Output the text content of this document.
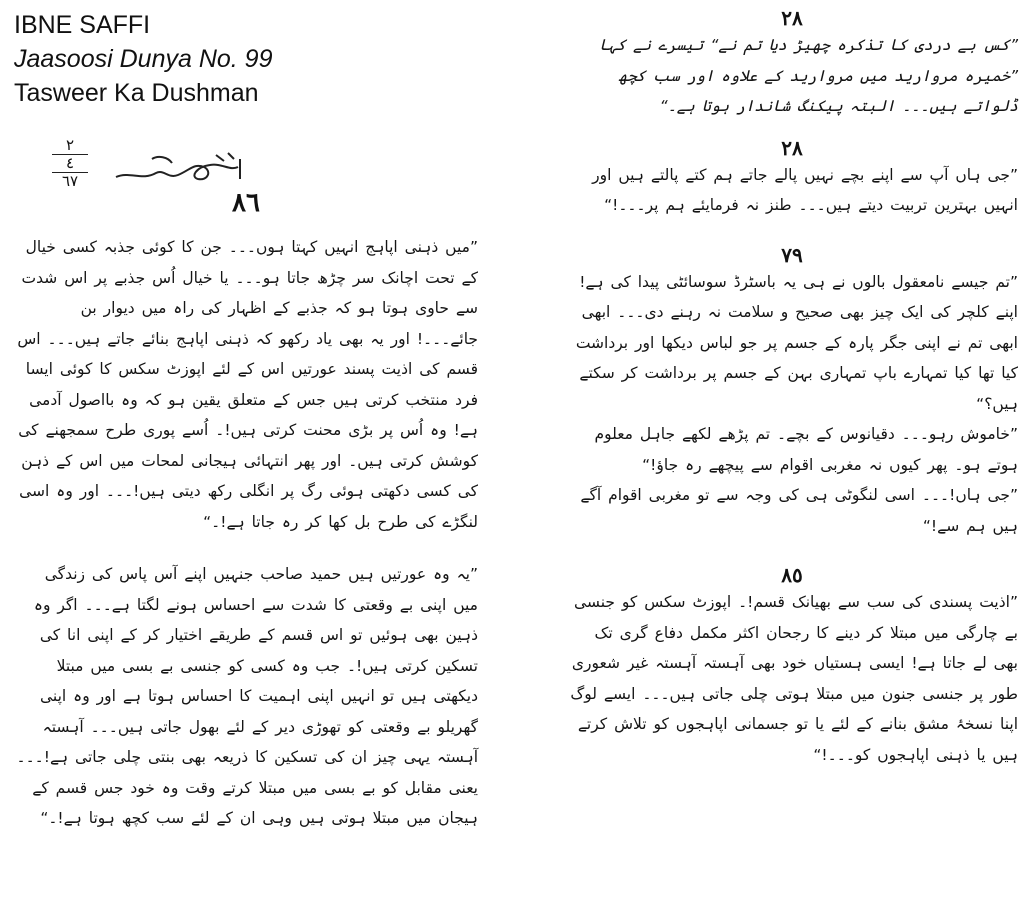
IBNE SAFFI
Jaasoosi Dunya No. 99
Tasweer Ka Dushman
٢
٤
٦٧
٨٦

”میں ذہنی اپاہج انہیں کہتا ہوں۔۔۔ جن کا کوئی جذبہ کسی خیال کے تحت اچانک سر چڑھ جاتا ہو۔۔۔ یا خیال اُس جذبے پر اس شدت سے حاوی ہوتا ہو کہ جذبے کے اظہار کی راہ میں دیوار بن جائے۔۔۔! اور یہ بھی یاد رکھو کہ ذہنی اپاہج بنائے جاتے ہیں۔۔۔ اس قسم کی اذیت پسند عورتیں اس کے لئے اپوزٹ سکس کا کوئی ایسا فرد منتخب کرتی ہیں جس کے متعلق یقین ہو کہ وہ بااصول آدمی ہے! وہ اُس پر بڑی محنت کرتی ہیں!۔ اُسے پوری طرح سمجھنے کی کوشش کرتی ہیں۔ اور پھر انتہائی ہیجانی لمحات میں اس کے ذہن کی کسی دکھتی ہوئی رگ پر انگلی رکھ دیتی ہیں!۔۔۔ اور وہ اسی لنگڑے کی طرح بل کھا کر رہ جاتا ہے!۔“

”یہ وہ عورتیں ہیں حمید صاحب جنہیں اپنے آس پاس کی زندگی میں اپنی بے وقعتی کا شدت سے احساس ہونے لگتا ہے۔۔۔ اگر وہ ذہین بھی ہوئیں تو اس قسم کے طریقے اختیار کر کے اپنی انا کی تسکین کرتی ہیں!۔ جب وہ کسی کو جنسی بے بسی میں مبتلا دیکھتی ہیں تو انہیں اپنی اہمیت کا احساس ہوتا ہے اور وہ اپنی گھریلو بے وقعتی کو تھوڑی دیر کے لئے بھول جاتی ہیں۔۔۔ آہستہ آہستہ یہی چیز ان کی تسکین کا ذریعہ بھی بنتی چلی جاتی ہے!۔۔۔ یعنی مقابل کو بے بسی میں مبتلا کرتے وقت وہ خود جس قسم کے ہیجان میں مبتلا ہوتی ہیں وہی ان کے لئے سب کچھ ہوتا ہے!۔“

٢٨

”کس بے دردی کا تذکرہ چھیڑ دیا تم نے“ تیسرے نے کہا ”خمیرہ مروارید میں مروارید کے علاوہ اور سب کچھ ڈلواتے ہیں۔۔۔ البتہ پیکنگ شاندار ہوتا ہے۔“

٢٨

”جی ہاں آپ سے اپنے بچے نہیں پالے جاتے ہم کتے پالتے ہیں اور انہیں بہترین تربیت دیتے ہیں۔۔۔ طنز نہ فرمایئے ہم پر۔۔۔!“

٧٩

”تم جیسے نامعقول بالوں نے ہی یہ باسٹرڈ سوسائٹی پیدا کی ہے! اپنے کلچر کی ایک چیز بھی صحیح و سلامت نہ رہنے دی۔۔۔ ابھی ابھی تم نے اپنی جگر پارہ کے جسم پر جو لباس دیکھا اور برداشت کیا تھا کیا تمہارے باپ تمہاری بہن کے جسم پر برداشت کر سکتے ہیں؟“
”خاموش رہو۔۔۔ دقیانوس کے بچے۔ تم پڑھے لکھے جاہل معلوم ہوتے ہو۔ پھر کیوں نہ مغربی اقوام سے پیچھے رہ جاؤ!“
”جی ہاں!۔۔۔ اسی لنگوٹی ہی کی وجہ سے تو مغربی اقوام آگے ہیں ہم سے!“

٨٥

”اذیت پسندی کی سب سے بھیانک قسم!۔ اپوزٹ سکس کو جنسی بے چارگی میں مبتلا کر دینے کا رجحان اکثر مکمل دفاع گری تک بھی لے جاتا ہے! ایسی ہستیاں خود بھی آہستہ آہستہ غیر شعوری طور پر جنسی جنون میں مبتلا ہوتی چلی جاتی ہیں۔۔۔ ایسے لوگ اپنا نسخۂ مشق بنانے کے لئے یا تو جسمانی اپاہجوں کو تلاش کرتے ہیں یا ذہنی اپاہجوں کو۔۔۔!“
